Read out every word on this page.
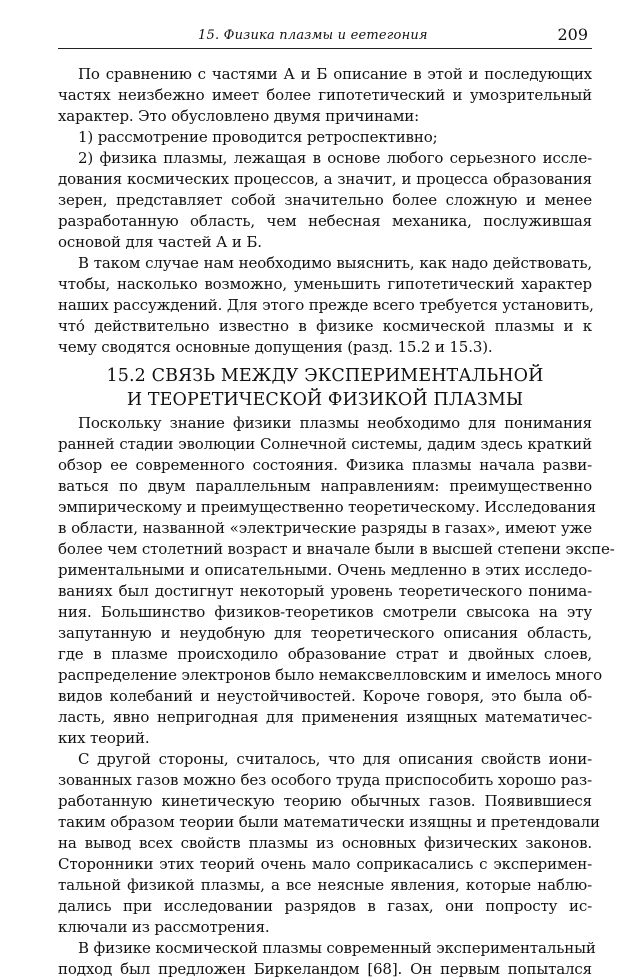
15. Физика плазмы и еетегония	209
По сравнению с частями А и Б описание в этой и последующих
частях неизбежно имеет более гипотетический и умозрительный
характер. Это обусловлено двумя причинами:
1) рассмотрение проводится ретроспективно;
2) физика плазмы, лежащая в основе любого серьезного иссле-
дования космических процессов, а значит, и процесса образования
зерен, представляет собой значительно более сложную и менее
разработанную область, чем небесная механика, послужившая
основой для частей А и Б.
В таком случае нам необходимо выяснить, как надо действовать,
чтобы, насколько возможно, уменьшить гипотетический характер
наших рассуждений. Для этого прежде всего требуется установить,
что́ действительно известно в физике космической плазмы и к
чему сводятся основные допущения (разд. 15.2 и 15.3).
15.2 СВЯЗЬ МЕЖДУ ЭКСПЕРИМЕНТАЛЬНОЙ
И ТЕОРЕТИЧЕСКОЙ ФИЗИКОЙ ПЛАЗМЫ
Поскольку знание физики плазмы необходимо для понимания
ранней стадии эволюции Солнечной системы, дадим здесь краткий
обзор ее современного состояния. Физика плазмы начала разви-
ваться по двум параллельным направлениям: преимущественно
эмпирическому и преимущественно теоретическому. Исследования
в области, названной «электрические разряды в газах», имеют уже
более чем столетний возраст и вначале были в высшей степени экспе-
риментальными и описательными. Очень медленно в этих исследо-
ваниях был достигнут некоторый уровень теоретического понима-
ния. Большинство физиков-теоретиков смотрели свысока на эту
запутанную и неудобную для теоретического описания область,
где в плазме происходило образование страт и двойных слоев,
распределение электронов было немаксвелловским и имелось много
видов колебаний и неустойчивостей. Короче говоря, это была об-
ласть, явно непригодная для применения изящных математичес-
ких теорий.
С другой стороны, считалось, что для описания свойств иони-
зованных газов можно без особого труда приспособить хорошо раз-
работанную кинетическую теорию обычных газов. Появившиеся
таким образом теории были математически изящны и претендовали
на вывод всех свойств плазмы из основных физических законов.
Сторонники этих теорий очень мало соприкасались с эксперимен-
тальной физикой плазмы, а все неясные явления, которые наблю-
дались при исследовании разрядов в газах, они попросту ис-
ключали из рассмотрения.
В физике космической плазмы современный экспериментальный
подход был предложен Биркеландом [68]. Он первым попытался
